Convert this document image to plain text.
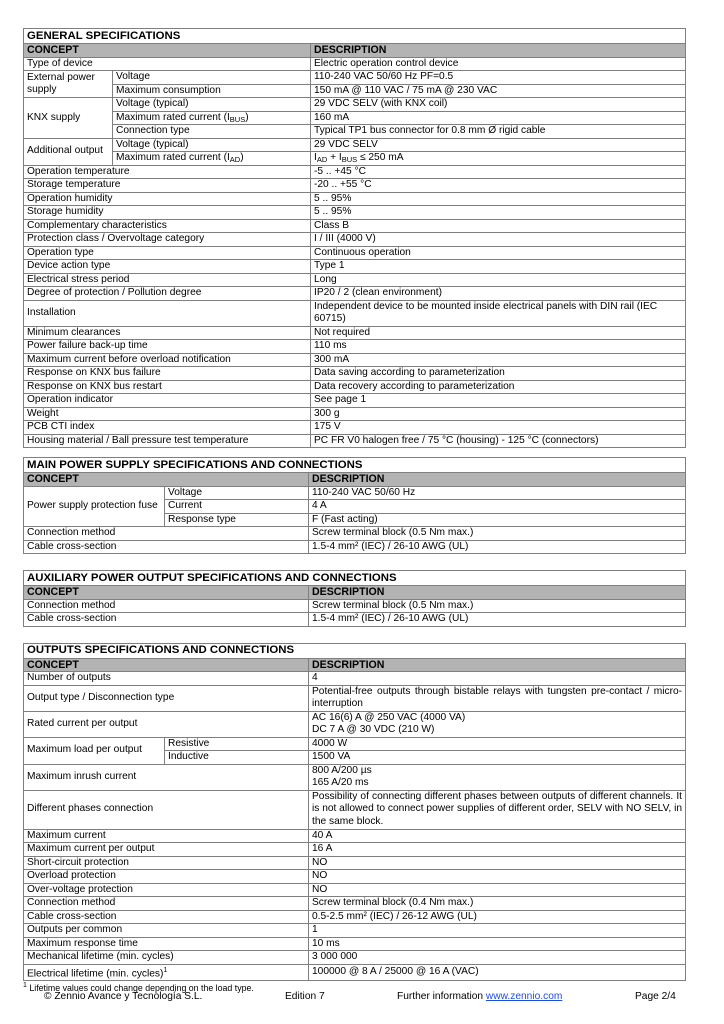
GENERAL SPECIFICATIONS		
CONCEPT		DESCRIPTION
Type of device		Electric operation control device
External power supply	Voltage	110-240 VAC 50/60 Hz PF=0.5
	Maximum consumption	150 mA @ 110 VAC / 75 mA @ 230 VAC
KNX supply	Voltage (typical)	29 VDC SELV (with KNX coil)
	Maximum rated current $(I_{BUS})$	160 mA
	Connection type	Typical TP1 bus connector for 0.8 mm Ø rigid cable
Additional output	Voltage (typical)	29 VDC SELV
	Maximum rated current $(I_{AD})$	$I_{AD} + I_{BUS} \le 250$ mA
Operation temperature		-5 .. +45 °C
Storage temperature		-20 .. +55 °C
Operation humidity		5 .. 95%
Storage humidity		5 .. 95%
Complementary characteristics		Class B
Protection class / Overvoltage category		I / III (4000 V)
Operation type		Continuous operation
Device action type		Type 1
Electrical stress period		Long
Degree of protection / Pollution degree		IP20 / 2 (clean environment)
Installation		Independent device to be mounted inside electrical panels with DIN rail (IEC 60715)
Minimum clearances		Not required
Power failure back-up time		110 ms
Maximum current before overload notification		300 mA
Response on KNX bus failure		Data saving according to parameterization
Response on KNX bus restart		Data recovery according to parameterization
Operation indicator		See page 1
Weight		300 g
PCB CTI index		175 V
Housing material / Ball pressure test temperature		PC FR V0 halogen free / 75 °C (housing) - 125 °C (connectors)
MAIN POWER SUPPLY SPECIFICATIONS AND CONNECTIONS		
CONCEPT		DESCRIPTION
Power supply protection fuse	Voltage	110-240 VAC 50/60 Hz
	Current	4 A
	Response type	F (Fast acting)
Connection method		Screw terminal block (0.5 Nm max.)
Cable cross-section		1.5-4 mm² (IEC) / 26-10 AWG (UL)
AUXILIARY POWER OUTPUT SPECIFICATIONS AND CONNECTIONS	
CONCEPT	DESCRIPTION
Connection method	Screw terminal block (0.5 Nm max.)
Cable cross-section	1.5-4 mm² (IEC) / 26-10 AWG (UL)
OUTPUTS SPECIFICATIONS AND CONNECTIONS		
CONCEPT		DESCRIPTION
Number of outputs		4
Output type / Disconnection type		Potential-free outputs through bistable relays with tungsten pre-contact / micro-interruption
Rated current per output		AC 16(6) A @ 250 VAC (4000 VA)
DC 7 A @ 30 VDC (210 W)

Maximum load per output	Resistive	4000 W
	Inductive	1500 VA
Maximum inrush current		800 A/200 µs
165 A/20 ms

Different phases connection		Possibility of connecting different phases between outputs of different channels. It is not allowed to connect power supplies of different order, SELV with NO SELV, in the same block.
Maximum current		40 A
Maximum current per output		16 A
Short-circuit protection		NO
Overload protection		NO
Over-voltage protection		NO
Connection method		Screw terminal block (0.4 Nm max.)
Cable cross-section		0.5-2.5 mm² (IEC) / 26-12 AWG (UL)
Outputs per common		1
Maximum response time		10 ms
Mechanical lifetime (min. cycles)		3 000 000
Electrical lifetime (min. cycles)$^1$		100000 @ 8 A / 25000 @ 16 A (VAC)
$^1$ Lifetime values could change depending on the load type.
© Zennio Avance y Tecnología S.L.	Edition 7	Further information www.zennio.com	Page 2/4
